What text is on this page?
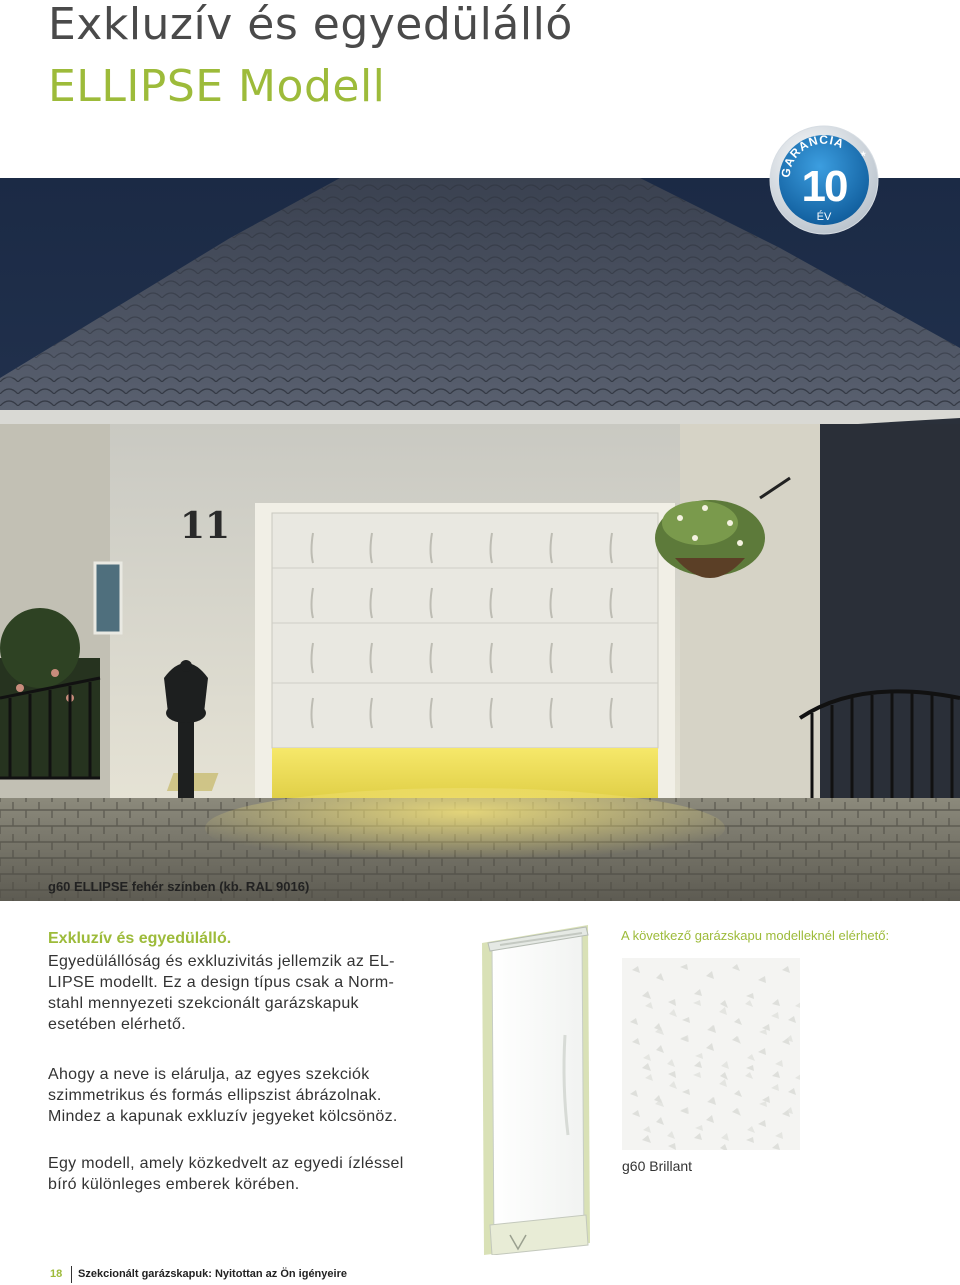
Exkluzív és egyedülálló
ELLIPSE Modell
11
g60 ELLIPSE fehér színben (kb. RAL 9016)
GARANCIA
*
10
ÉV
Exkluzív és egyedülálló.
Egyedülállóság és exkluzivitás jellemzik az EL-LIPSE modellt. Ez a design típus csak a Norm-stahl mennyezeti szekcionált garázskapuk esetében elérhető.
Ahogy a neve is elárulja, az egyes szekciók szimmetrikus és formás ellipszist ábrázolnak. Mindez a kapunak exkluzív jegyeket kölcsönöz.
Egy modell, amely közkedvelt az egyedi ízléssel bíró különleges emberek körében.
A következő garázskapu modelleknél elérhető:
g60 Brillant
18 Szekcionált garázskapuk: Nyitottan az Ön igényeire
